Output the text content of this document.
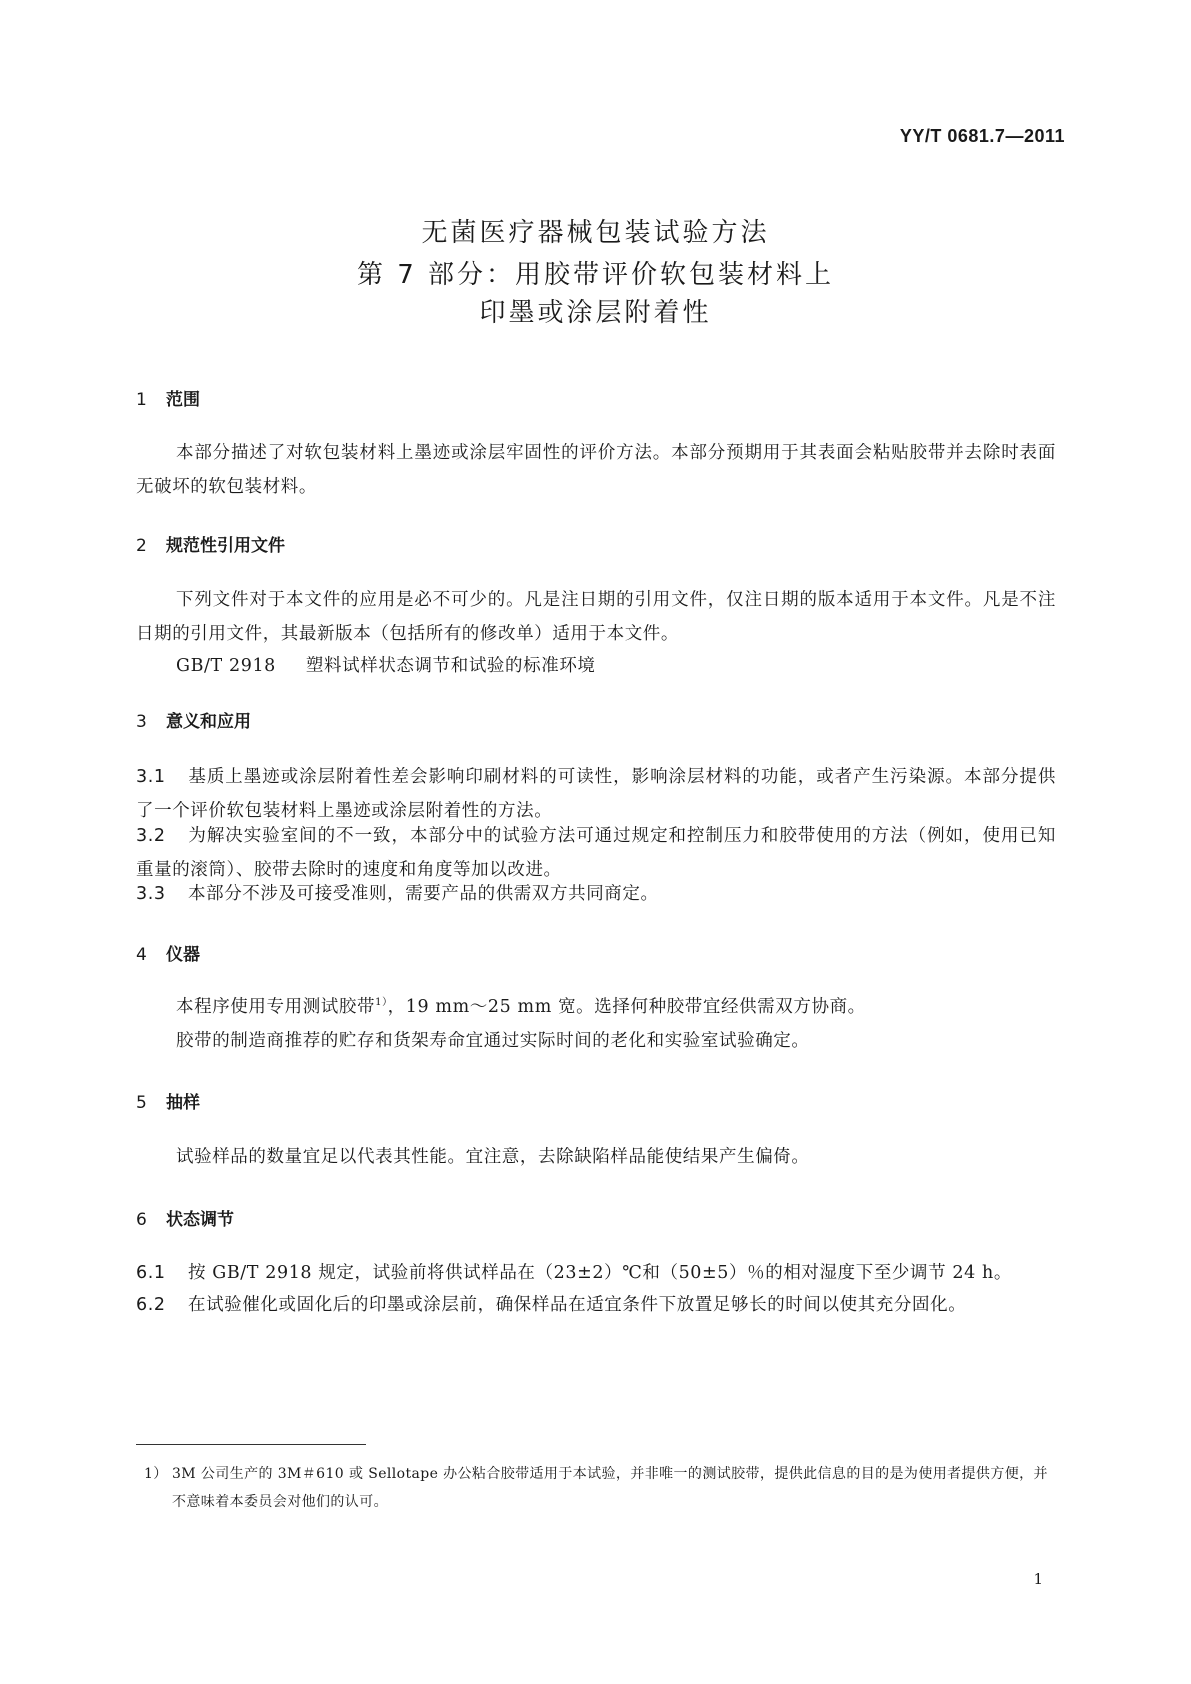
YY/T 0681.7—2011
无菌医疗器械包装试验方法
第 7 部分：用胶带评价软包装材料上
印墨或涂层附着性
1 范围
本部分描述了对软包装材料上墨迹或涂层牢固性的评价方法。本部分预期用于其表面会粘贴胶带并去除时表面无破坏的软包装材料。
2 规范性引用文件
下列文件对于本文件的应用是必不可少的。凡是注日期的引用文件，仅注日期的版本适用于本文件。凡是不注日期的引用文件，其最新版本（包括所有的修改单）适用于本文件。
GB/T 2918 塑料试样状态调节和试验的标准环境
3 意义和应用
3.1 基质上墨迹或涂层附着性差会影响印刷材料的可读性，影响涂层材料的功能，或者产生污染源。本部分提供了一个评价软包装材料上墨迹或涂层附着性的方法。
3.2 为解决实验室间的不一致，本部分中的试验方法可通过规定和控制压力和胶带使用的方法（例如，使用已知重量的滚筒）、胶带去除时的速度和角度等加以改进。
3.3 本部分不涉及可接受准则，需要产品的供需双方共同商定。
4 仪器
本程序使用专用测试胶带$^{1)}$，19 mm～25 mm 宽。选择何种胶带宜经供需双方协商。
胶带的制造商推荐的贮存和货架寿命宜通过实际时间的老化和实验室试验确定。
5 抽样
试验样品的数量宜足以代表其性能。宜注意，去除缺陷样品能使结果产生偏倚。
6 状态调节
6.1 按 GB/T 2918 规定，试验前将供试样品在（23±2）℃和（50±5）％的相对湿度下至少调节 24 h。
6.2 在试验催化或固化后的印墨或涂层前，确保样品在适宜条件下放置足够长的时间以使其充分固化。
1） 3M 公司生产的 3M＃610 或 Sellotape 办公粘合胶带适用于本试验，并非唯一的测试胶带，提供此信息的目的是为使用者提供方便，并不意味着本委员会对他们的认可。
1
